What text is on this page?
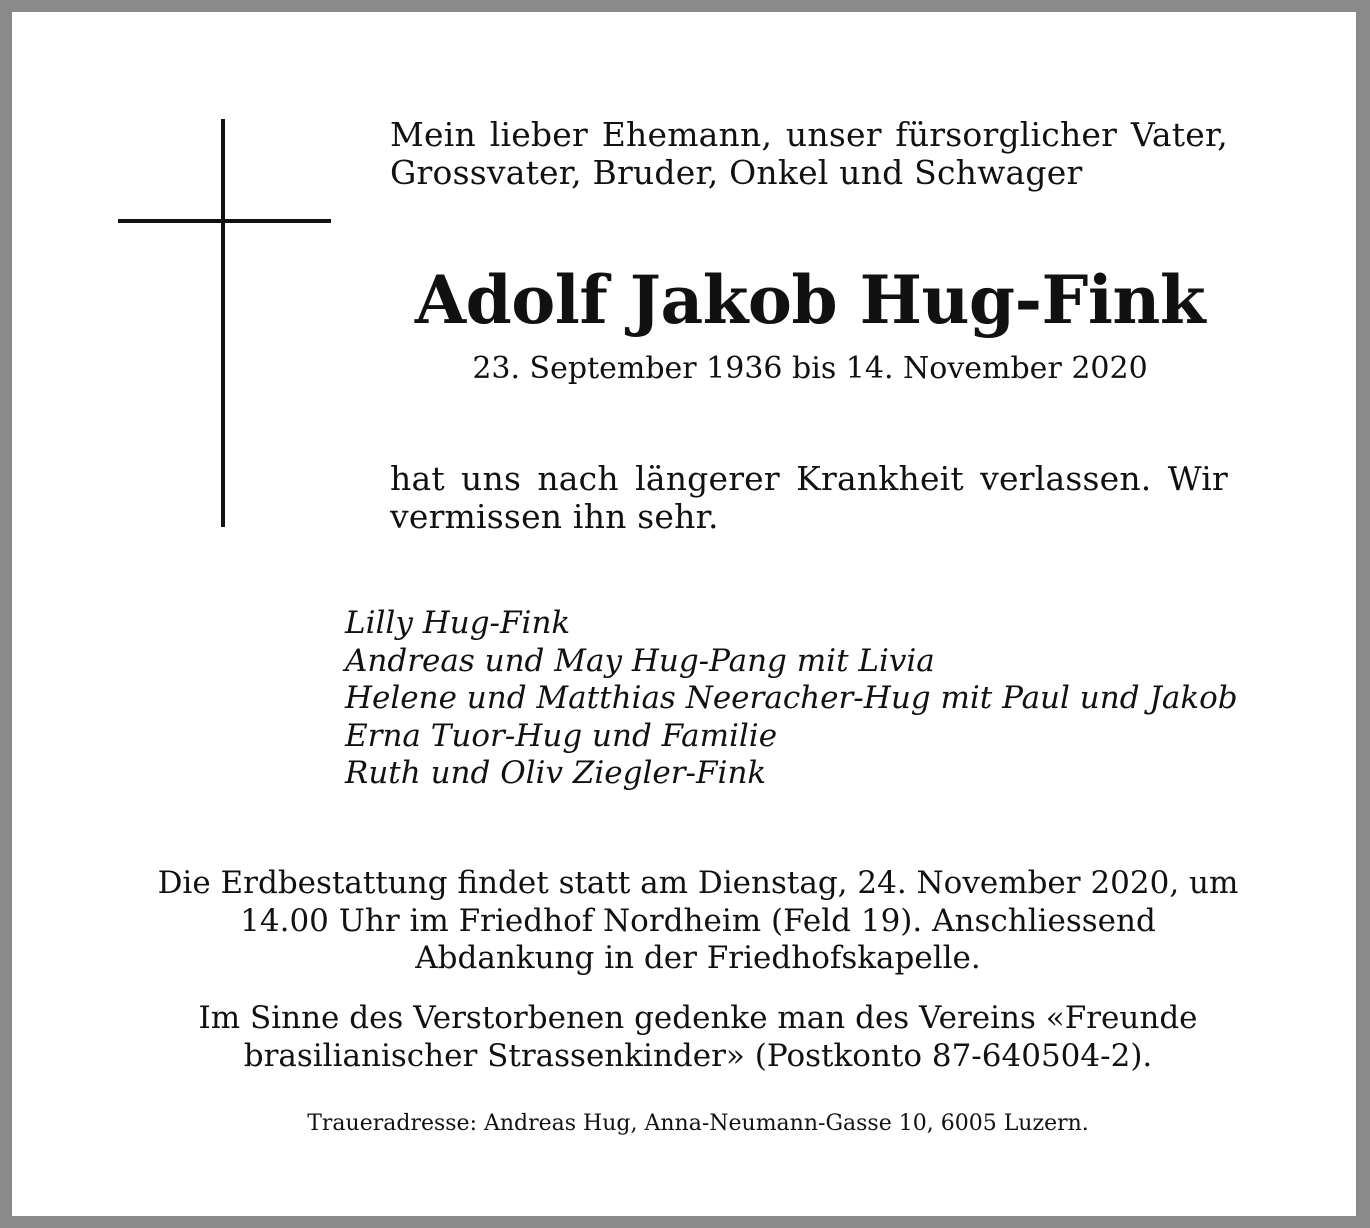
Mein lieber Ehemann, unser fürsorglicher Vater, Grossvater, Bruder, Onkel und Schwager
Adolf Jakob Hug-Fink
23. September 1936 bis 14. November 2020
hat uns nach längerer Krankheit verlassen. Wir vermissen ihn sehr.
Lilly Hug-Fink
Andreas und May Hug-Pang mit Livia
Helene und Matthias Neeracher-Hug mit Paul und Jakob
Erna Tuor-Hug und Familie
Ruth und Oliv Ziegler-Fink
Die Erdbestattung findet statt am Dienstag, 24. November 2020, um 14.00 Uhr im Friedhof Nordheim (Feld 19). Anschliessend Abdankung in der Friedhofskapelle.
Im Sinne des Verstorbenen gedenke man des Vereins «Freunde brasilianischer Strassenkinder» (Postkonto 87-640504-2).
Traueradresse: Andreas Hug, Anna-Neumann-Gasse 10, 6005 Luzern.
